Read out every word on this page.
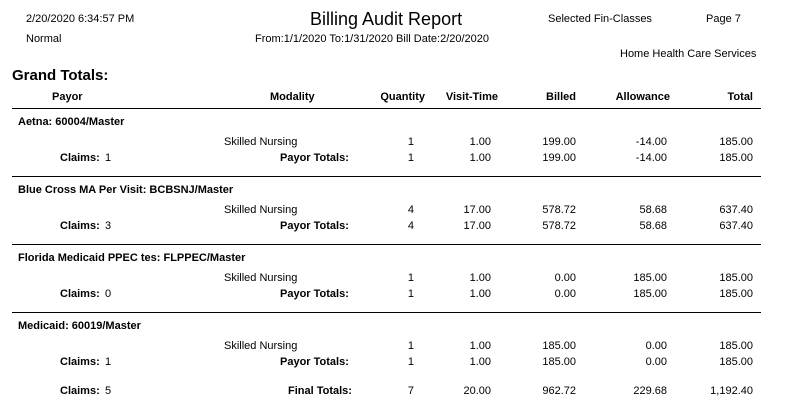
2/20/2020 6:34:57 PM
Normal
Billing Audit Report
From:1/1/2020 To:1/31/2020 Bill Date:2/20/2020
Selected Fin-Classes	Page 7
Home Health Care Services
Grand Totals:
Payor	Modality	Quantity	Visit-Time	Billed	Allowance	Total
Aetna: 60004/Master
Skilled Nursing	1	1.00	199.00	-14.00	185.00
Claims: 1	Payor Totals:	1	1.00	199.00	-14.00	185.00
Blue Cross MA Per Visit: BCBSNJ/Master
Skilled Nursing	4	17.00	578.72	58.68	637.40
Claims: 3	Payor Totals:	4	17.00	578.72	58.68	637.40
Florida Medicaid PPEC tes: FLPPEC/Master
Skilled Nursing	1	1.00	0.00	185.00	185.00
Claims: 0	Payor Totals:	1	1.00	0.00	185.00	185.00
Medicaid: 60019/Master
Skilled Nursing	1	1.00	185.00	0.00	185.00
Claims: 1	Payor Totals:	1	1.00	185.00	0.00	185.00
Claims: 5	Final Totals:	7	20.00	962.72	229.68	1,192.40
